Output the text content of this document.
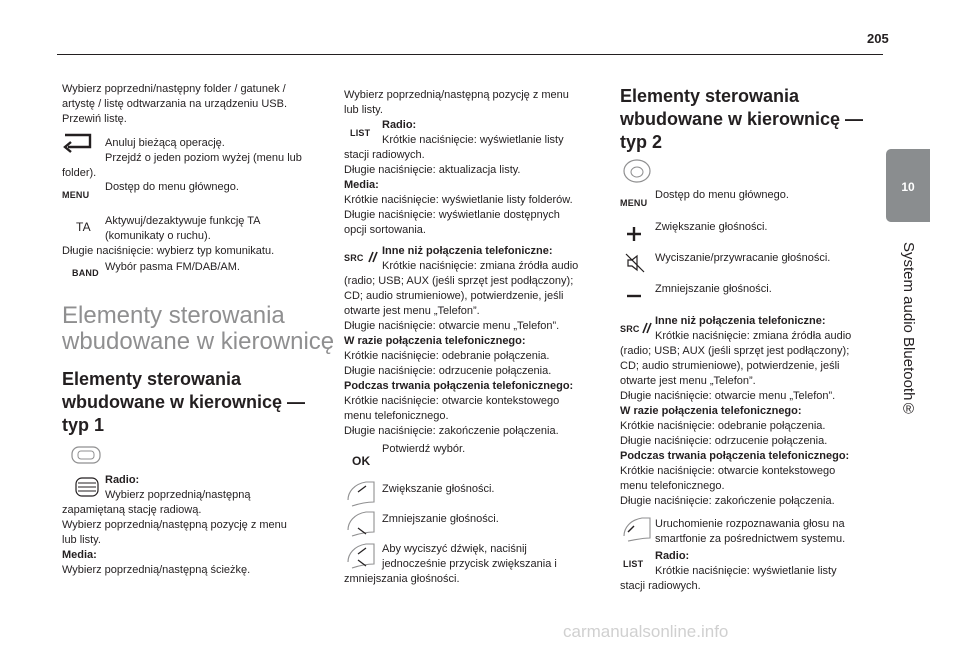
205
10
System audio Bluetooth®
Wybierz poprzedni/następny folder / gatunek /
artystę / listę odtwarzania na urządzeniu USB.
Przewiń listę.
Anuluj bieżącą operację.
Przejdź o jeden poziom wyżej (menu lub
folder).
MENU
Dostęp do menu głównego.
TA Aktywuj/dezaktywuje funkcję TA
(komunikaty o ruchu).
Długie naciśnięcie: wybierz typ komunikatu.
BAND Wybór pasma FM/DAB/AM.
Elementy sterowania
wbudowane w kierownicę
Elementy sterowania
wbudowane w kierownicę —
typ 1
Radio:
Wybierz poprzednią/następną
zapamiętaną stację radiową.
Wybierz poprzednią/następną pozycję z menu
lub listy.
Media:
Wybierz poprzednią/następną ścieżkę.
Wybierz poprzednią/następną pozycję z menu
lub listy.
LIST
Radio:
Krótkie naciśnięcie: wyświetlanie listy
stacji radiowych.
Długie naciśnięcie: aktualizacja listy.
Media:
Krótkie naciśnięcie: wyświetlanie listy folderów.
Długie naciśnięcie: wyświetlanie dostępnych
opcji sortowania.
SRC
Inne niż połączenia telefoniczne:
Krótkie naciśnięcie: zmiana źródła audio
(radio; USB; AUX (jeśli sprzęt jest podłączony);
CD; audio strumieniowe), potwierdzenie, jeśli
otwarte jest menu „Telefon”.
Długie naciśnięcie: otwarcie menu „Telefon”.
W razie połączenia telefonicznego:
Krótkie naciśnięcie: odebranie połączenia.
Długie naciśnięcie: odrzucenie połączenia.
Podczas trwania połączenia telefonicznego:
Krótkie naciśnięcie: otwarcie kontekstowego
menu telefonicznego.
Długie naciśnięcie: zakończenie połączenia.
OK
Potwierdź wybór.
Zwiększanie głośności.
Zmniejszanie głośności.
Aby wyciszyć dźwięk, naciśnij
jednocześnie przycisk zwiększania i
zmniejszania głośności.
Elementy sterowania
wbudowane w kierownicę —
typ 2
MENU
Dostęp do menu głównego.
Zwiększanie głośności.
Wyciszanie/przywracanie głośności.
Zmniejszanie głośności.
SRC
Inne niż połączenia telefoniczne:
Krótkie naciśnięcie: zmiana źródła audio
(radio; USB; AUX (jeśli sprzęt jest podłączony);
CD; audio strumieniowe), potwierdzenie, jeśli
otwarte jest menu „Telefon”.
Długie naciśnięcie: otwarcie menu „Telefon”.
W razie połączenia telefonicznego:
Krótkie naciśnięcie: odebranie połączenia.
Długie naciśnięcie: odrzucenie połączenia.
Podczas trwania połączenia telefonicznego:
Krótkie naciśnięcie: otwarcie kontekstowego
menu telefonicznego.
Długie naciśnięcie: zakończenie połączenia.
Uruchomienie rozpoznawania głosu na
smartfonie za pośrednictwem systemu.
LIST
Radio:
Krótkie naciśnięcie: wyświetlanie listy
stacji radiowych.
carmanualsonline.info
